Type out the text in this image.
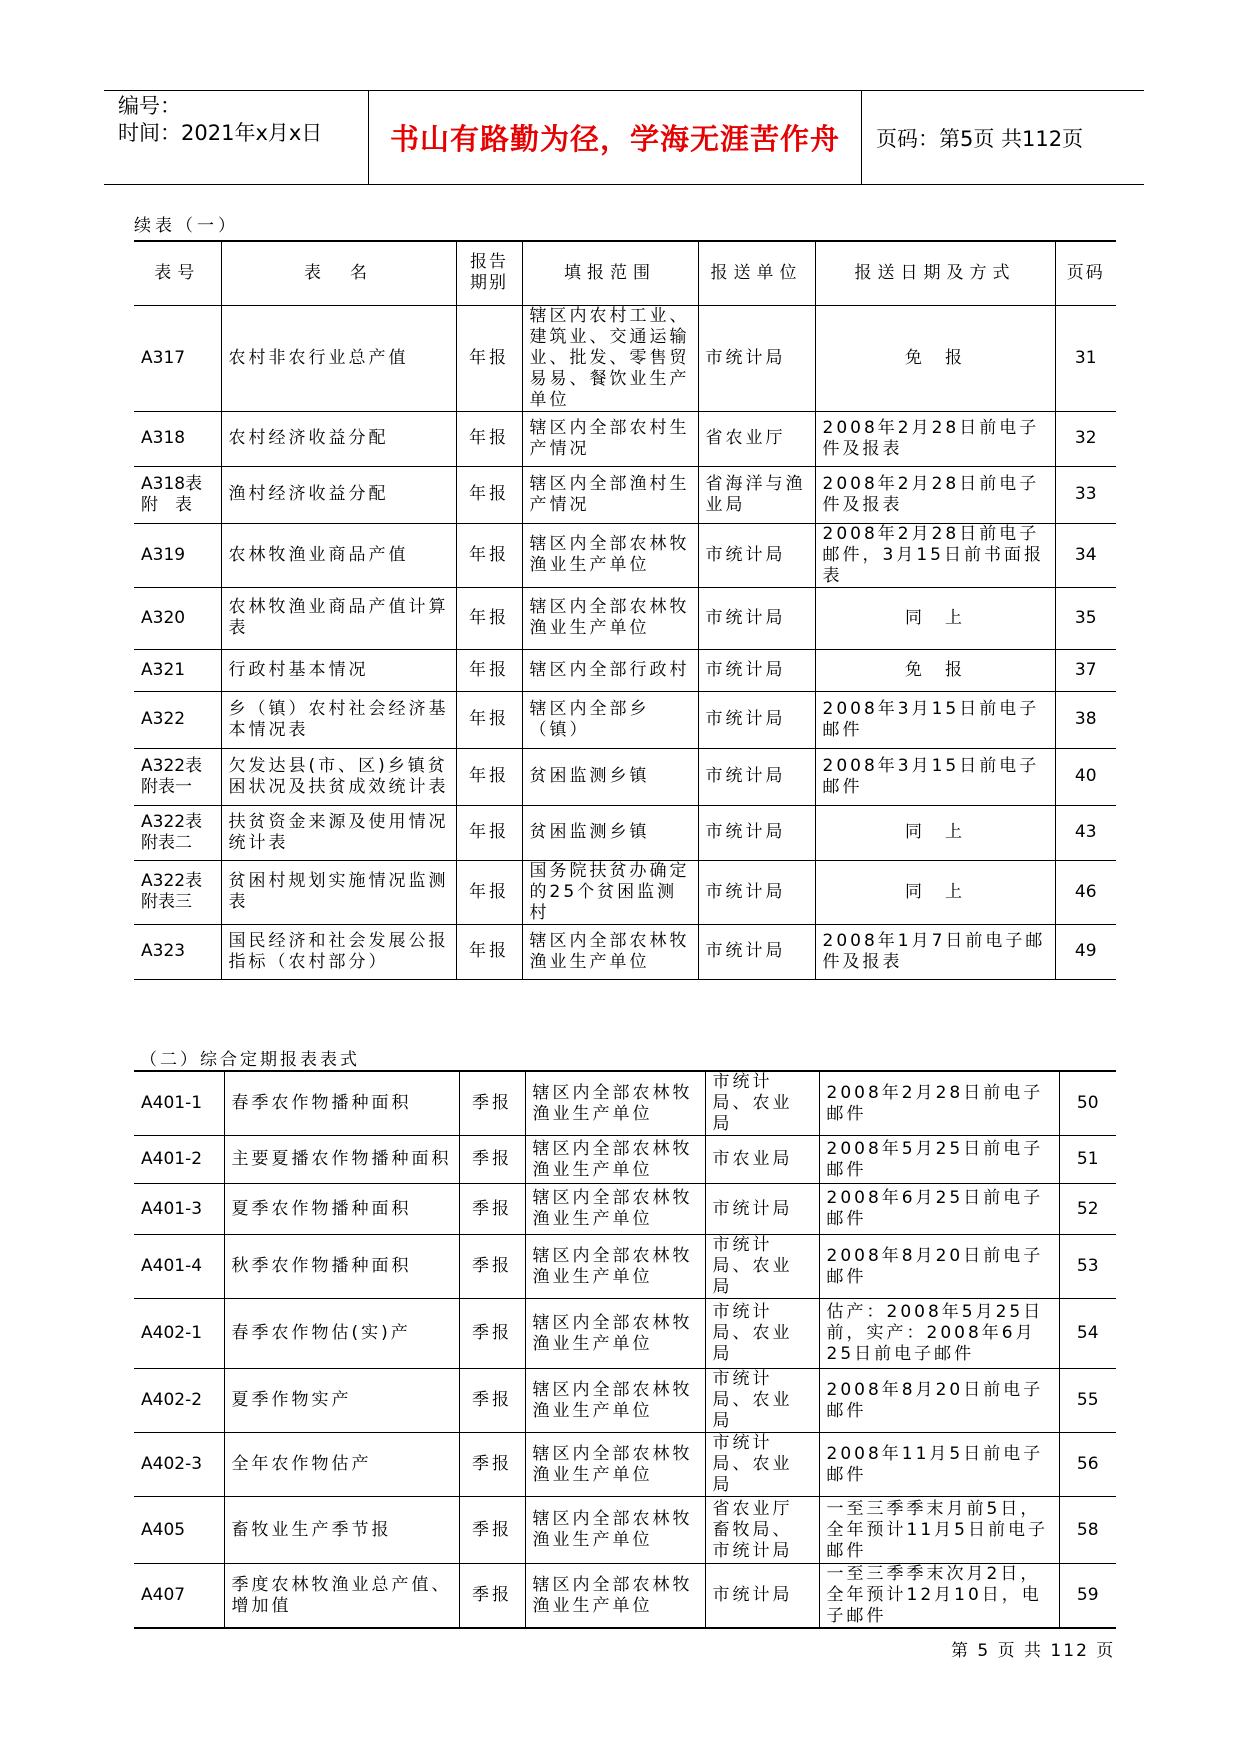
编号：
时间：2021年x月x日	书山有路勤为径，学海无涯苦作舟	页码：第5页 共112页
续表（一）
表号	表　名	报告期别	填报范围	报送单位	报送日期及方式	页码
A317	农村非农行业总产值	年报	辖区内农村工业、建筑业、交通运输业、批发、零售贸易易、餐饮业生产单位	市统计局	免　报	31
A318	农村经济收益分配	年报	辖区内全部农村生产情况	省农业厅	2008年2月28日前电子件及报表	32
A318表附　表	渔村经济收益分配	年报	辖区内全部渔村生产情况	省海洋与渔业局	2008年2月28日前电子件及报表	33
A319	农林牧渔业商品产值	年报	辖区内全部农林牧渔业生产单位	市统计局	2008年2月28日前电子邮件，3月15日前书面报表	34
A320	农林牧渔业商品产值计算表	年报	辖区内全部农林牧渔业生产单位	市统计局	同　上	35
A321	行政村基本情况	年报	辖区内全部行政村	市统计局	免　报	37
A322	乡（镇）农村社会经济基本情况表	年报	辖区内全部乡（镇）	市统计局	2008年3月15日前电子邮件	38
A322表附表一	欠发达县(市、区)乡镇贫困状况及扶贫成效统计表	年报	贫困监测乡镇	市统计局	2008年3月15日前电子邮件	40
A322表附表二	扶贫资金来源及使用情况统计表	年报	贫困监测乡镇	市统计局	同　上	43
A322表附表三	贫困村规划实施情况监测表	年报	国务院扶贫办确定的25个贫困监测村	市统计局	同　上	46
A323	国民经济和社会发展公报指标（农村部分）	年报	辖区内全部农林牧渔业生产单位	市统计局	2008年1月7日前电子邮件及报表	49
（二）综合定期报表表式
A401-1	春季农作物播种面积	季报	辖区内全部农林牧渔业生产单位	市统计局、农业局	2008年2月28日前电子邮件	50
A401-2	主要夏播农作物播种面积	季报	辖区内全部农林牧渔业生产单位	市农业局	2008年5月25日前电子邮件	51
A401-3	夏季农作物播种面积	季报	辖区内全部农林牧渔业生产单位	市统计局	2008年6月25日前电子邮件	52
A401-4	秋季农作物播种面积	季报	辖区内全部农林牧渔业生产单位	市统计局、农业局	2008年8月20日前电子邮件	53
A402-1	春季农作物估(实)产	季报	辖区内全部农林牧渔业生产单位	市统计局、农业局	估产：2008年5月25日前，实产：2008年6月25日前电子邮件	54
A402-2	夏季作物实产	季报	辖区内全部农林牧渔业生产单位	市统计局、农业局	2008年8月20日前电子邮件	55
A402-3	全年农作物估产	季报	辖区内全部农林牧渔业生产单位	市统计局、农业局	2008年11月5日前电子邮件	56
A405	畜牧业生产季节报	季报	辖区内全部农林牧渔业生产单位	省农业厅畜牧局、市统计局	一至三季季末月前5日，全年预计11月5日前电子邮件	58
A407	季度农林牧渔业总产值、增加值	季报	辖区内全部农林牧渔业生产单位	市统计局	一至三季季末次月2日，全年预计12月10日，电子邮件	59
第 5 页 共 112 页
